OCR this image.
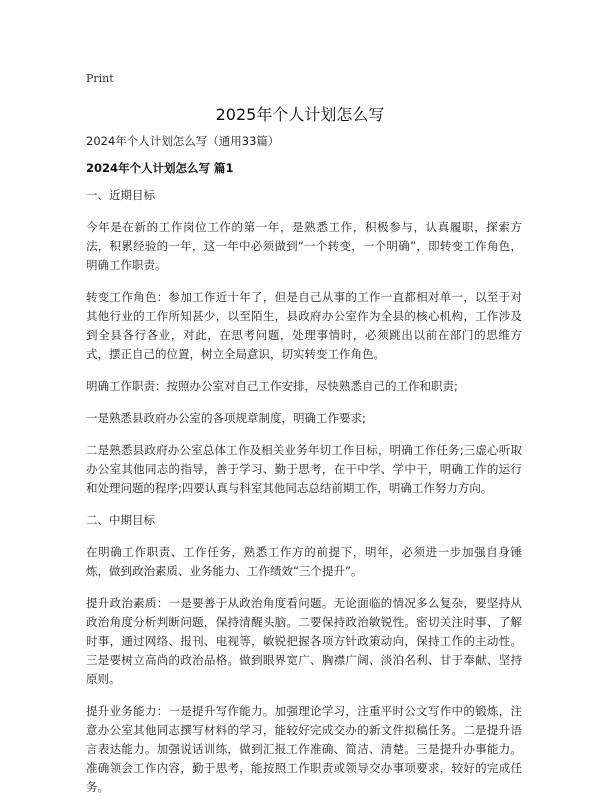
Print
2025年个人计划怎么写

2024年个人计划怎么写（通用33篇）

2024年个人计划怎么写 篇1

一、近期目标

今年是在新的工作岗位工作的第一年，是熟悉工作，积极参与，认真履职，探索方法，积累经验的一年，这一年中必须做到“一个转变，一个明确”，即转变工作角色，明确工作职责。

转变工作角色：参加工作近十年了，但是自己从事的工作一直都相对单一，以至于对其他行业的工作所知甚少，以至陌生，县政府办公室作为全县的核心机构，工作涉及到全县各行各业，对此，在思考问题，处理事情时，必须跳出以前在部门的思维方式，摆正自己的位置，树立全局意识，切实转变工作角色。

明确工作职责：按照办公室对自己工作安排，尽快熟悉自己的工作和职责;

一是熟悉县政府办公室的各项规章制度，明确工作要求;

二是熟悉县政府办公室总体工作及相关业务年切工作目标，明确工作任务;三虚心听取办公室其他同志的指导，善于学习、勤于思考，在干中学、学中干，明确工作的运行和处理问题的程序;四要认真与科室其他同志总结前期工作，明确工作努力方向。

二、中期目标

在明确工作职责、工作任务，熟悉工作方的前提下，明年，必须进一步加强自身锤炼，做到政治素质、业务能力、工作绩效“三个提升”。

提升政治素质：一是要善于从政治角度看问题。无论面临的情况多么复杂，要坚持从政治角度分析判断问题，保持清醒头脑。二要保持政治敏锐性。密切关注时事、了解时事，通过网络、报刊、电视等，敏锐把握各项方针政策动向，保持工作的主动性。三是要树立高尚的政治品格。做到眼界宽广、胸襟广阔、淡泊名利、甘于奉献、坚持原则。

提升业务能力：一是提升写作能力。加强理论学习，注重平时公文写作中的锻炼，注意办公室其他同志撰写材料的学习，能较好完成交办的新文件拟稿任务。二是提升语言表达能力。加强说话训练，做到汇报工作准确、简洁、清楚。三是提升办事能力。准确领会工作内容，勤于思考，能按照工作职责或领导交办事项要求，较好的完成任务。
